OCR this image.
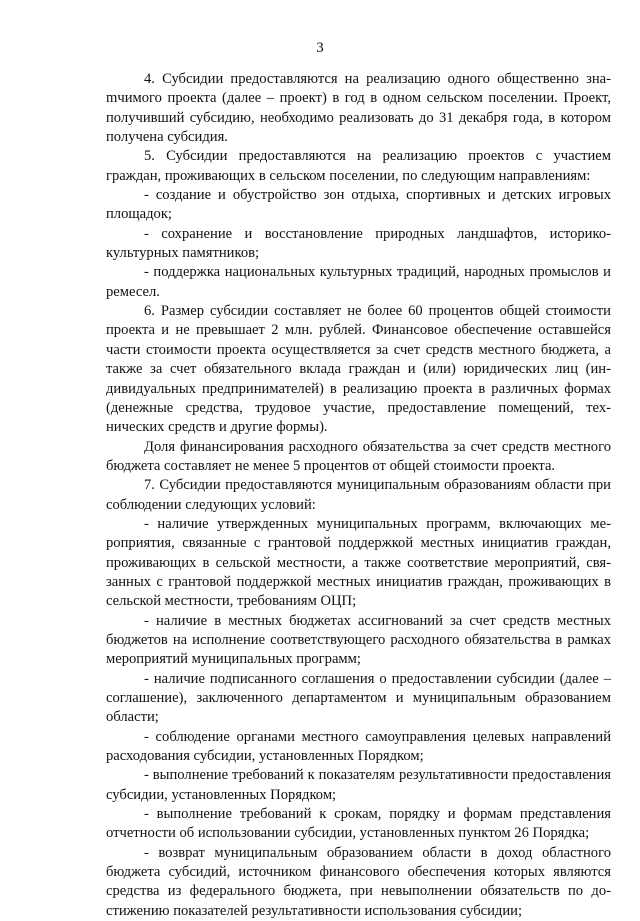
3

4. Субсидии предоставляются на реализацию одного общественно знаmчимого проекта (далее – проект) в год в одном сельском поселении. Проект, получивший субсидию, необходимо реализовать до 31 декабря года, в котором получена субсидия.

5. Субсидии предоставляются на реализацию проектов с участием граждан, проживающих в сельском поселении, по следующим направлениям:

- создание и обустройство зон отдыха, спортивных и детских игровых площадок;

- сохранение и восстановление природных ландшафтов, историко-культурных памятников;

- поддержка национальных культурных традиций, народных промыслов и ремесел.

6. Размер субсидии составляет не более 60 процентов общей стоимости проекта и не превышает 2 млн. рублей. Финансовое обеспечение оставшейся части стоимости проекта осуществляется за счет средств местного бюджета, а также за счет обязательного вклада граждан и (или) юридических лиц (индивидуальных предпринимателей) в реализацию проекта в различных формах (денежные средства, трудовое участие, предоставление помещений, технических средств и другие формы).

Доля финансирования расходного обязательства за счет средств местного бюджета составляет не менее 5 процентов от общей стоимости проекта.

7. Субсидии предоставляются муниципальным образованиям области при соблюдении следующих условий:

- наличие утвержденных муниципальных программ, включающих мероприятия, связанные с грантовой поддержкой местных инициатив граждан, проживающих в сельской местности, а также соответствие мероприятий, связанных с грантовой поддержкой местных инициатив граждан, проживающих в сельской местности, требованиям ОЦП;

- наличие в местных бюджетах ассигнований за счет средств местных бюджетов на исполнение соответствующего расходного обязательства в рамках мероприятий муниципальных программ;

- наличие подписанного соглашения о предоставлении субсидии (далее – соглашение), заключенного департаментом и муниципальным образованием области;

- соблюдение органами местного самоуправления целевых направлений расходования субсидии, установленных Порядком;

- выполнение требований к показателям результативности предоставления субсидии, установленных Порядком;

- выполнение требований к срокам, порядку и формам представления отчетности об использовании субсидии, установленных пунктом 26 Порядка;

- возврат муниципальным образованием области в доход областного бюджета субсидий, источником финансового обеспечения которых являются средства из федерального бюджета, при невыполнении обязательств по достижению показателей результативности использования субсидии;
